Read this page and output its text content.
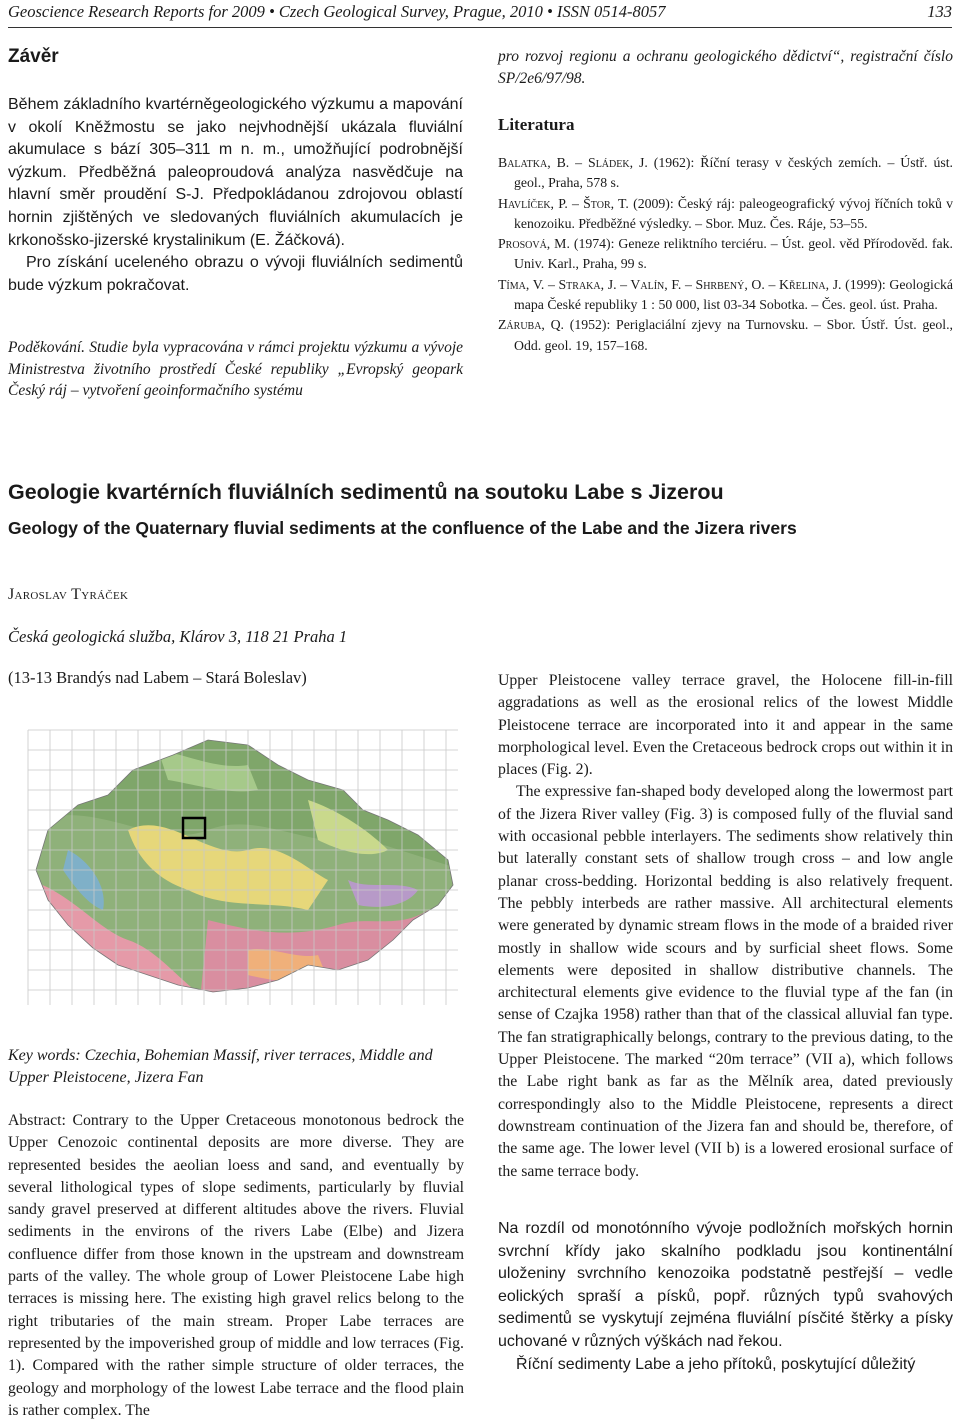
Geoscience Research Reports for 2009 • Czech Geological Survey, Prague, 2010 • ISSN 0514-8057	133
Závěr

Během základního kvartérněgeologického výzkumu a mapování v okolí Kněžmostu se jako nejvhodnější ukázala fluviální akumulace s bází 305–311 m n. m., umožňující podrobnější výzkum. Předběžná paleoproudová analýza nasvědčuje na hlavní směr proudění S-J. Předpokládanou zdrojovou oblastí hornin zjištěných ve sledovaných fluviálních akumulacích je krkonošsko-jizerské krystalinikum (E. Žáčková).

Pro získání uceleného obrazu o vývoji fluviálních sedimentů bude výzkum pokračovat.

Poděkování. Studie byla vypracována v rámci projektu výzkumu a vývoje Ministrestva životního prostředí České republiky „Evropský geopark Český ráj – vytvoření geoinformačního systému

pro rozvoj regionu a ochranu geologického dědictví“, registrační číslo SP/2e6/97/98.

Literatura

Balatka, B. – Sládek, J. (1962): Říční terasy v českých zemích. – Ústř. úst. geol., Praha, 578 s.

Havlíček, P. – Štor, T. (2009): Český ráj: paleogeografický vývoj říčních toků v kenozoiku. Předběžné výsledky. – Sbor. Muz. Čes. Ráje, 53–55.

Prosová, M. (1974): Geneze reliktního terciéru. – Úst. geol. věd Přírodověd. fak. Univ. Karl., Praha, 99 s.

Tíma, V. – Straka, J. – Valín, F. – Shrbený, O. – Křelina, J. (1999): Geologická mapa České republiky 1 : 50 000, list 03-34 Sobotka. – Čes. geol. úst. Praha.

Záruba, Q. (1952): Periglaciální zjevy na Turnovsku. – Sbor. Ústř. Úst. geol., Odd. geol. 19, 157–168.

Geologie kvartérních fluviálních sedimentů na soutoku Labe s Jizerou
Geology of the Quaternary fluvial sediments at the confluence of the Labe and the Jizera rivers
Jaroslav Tyráček
Česká geologická služba, Klárov 3, 118 21 Praha 1
(13-13 Brandýs nad Labem – Stará Boleslav)

Key words: Czechia, Bohemian Massif, river terraces, Middle and Upper Pleistocene, Jizera Fan

Abstract: Contrary to the Upper Cretaceous monotonous bedrock the Upper Cenozoic continental deposits are more diverse. They are represented besides the aeolian loess and sand, and eventually by several lithological types of slope sediments, particularly by fluvial sandy gravel preserved at different altitudes above the rivers. Fluvial sediments in the environs of the rivers Labe (Elbe) and Jizera confluence differ from those known in the upstream and downstream parts of the valley. The whole group of Lower Pleistocene Labe high terraces is missing here. The existing high gravel relics belong to the right tributaries of the main stream. Proper Labe terraces are represented by the impoverished group of middle and low terraces (Fig. 1). Compared with the rather simple structure of older terraces, the geology and morphology of the lowest Labe terrace and the flood plain is rather complex. The

Upper Pleistocene valley terrace gravel, the Holocene fill-in-fill aggradations as well as the erosional relics of the lowest Middle Pleistocene terrace are incorporated into it and appear in the same morphological level. Even the Cretaceous bedrock crops out within it in places (Fig. 2).

The expressive fan-shaped body developed along the lowermost part of the Jizera River valley (Fig. 3) is composed fully of the fluvial sand with occasional pebble interlayers. The sediments show relatively thin but laterally constant sets of shallow trough cross – and low angle planar cross-bedding. Horizontal bedding is also relatively frequent. The pebbly interbeds are rather massive. All architectural elements were generated by dynamic stream flows in the mode of a braided river mostly in shallow wide scours and by surficial sheet flows. Some elements were deposited in shallow distributive channels. The architectural elements give evidence to the fluvial type af the fan (in sense of Czajka 1958) rather than that of the classical alluvial fan type. The fan stratigraphically belongs, contrary to the previous dating, to the Upper Pleistocene. The marked “20m terrace” (VII a), which follows the Labe right bank as far as the Mělník area, dated previously correspondingly also to the Middle Pleistocene, represents a direct downstream continuation of the Jizera fan and should be, therefore, of the same age. The lower level (VII b) is a lowered erosional surface of the same terrace body.

Na rozdíl od monotónního vývoje podložních mořských hornin svrchní křídy jako skalního podkladu jsou kontinentální uloženiny svrchního kenozoika podstatně pestřejší – vedle eolických spraší a písků, popř. různých typů svahových sedimentů se vyskytují zejména fluviální písčité štěrky a písky uchované v různých výškách nad řekou.

Říční sedimenty Labe a jeho přítoků, poskytující důležitý
